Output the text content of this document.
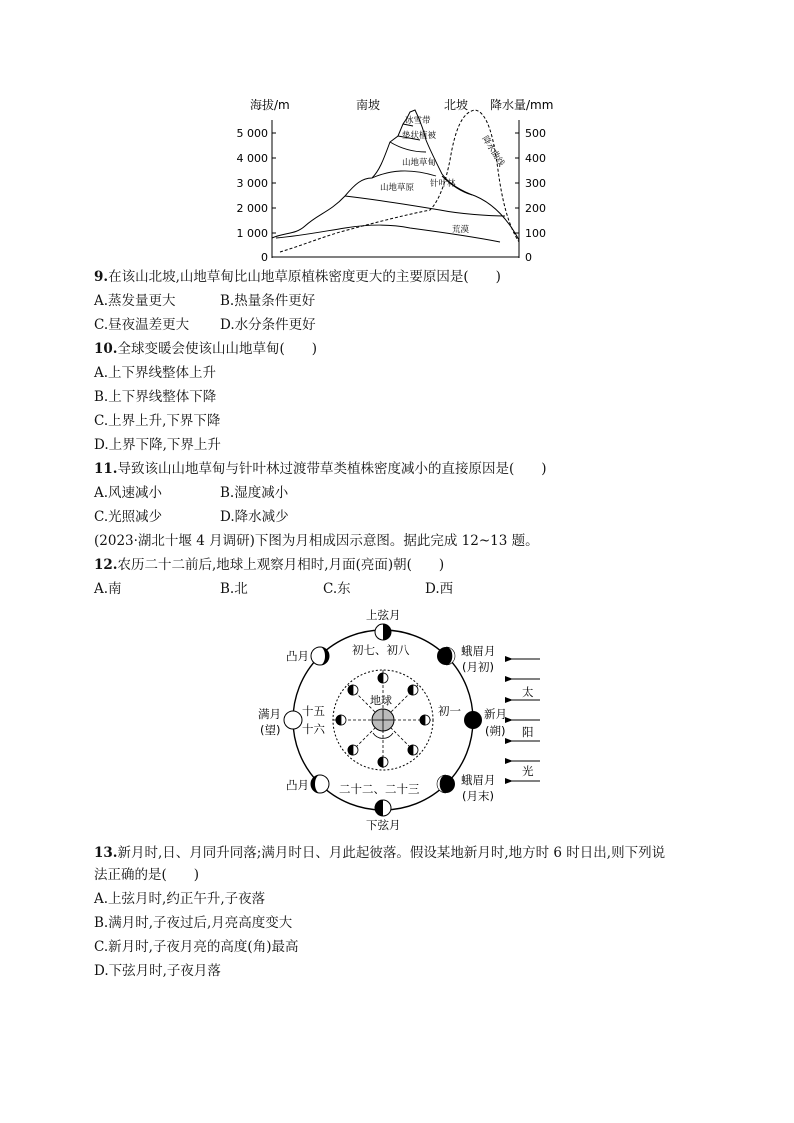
海拔/m	南坡	北坡 降水量/mm
5 000
4 000
3 000
2 000
1 000
0
500
400
300
200
100
0
冰雪带
垫状植被
山地草甸
山地草原 针叶林
荒漠
降水曲线
9.在该山北坡,山地草甸比山地草原植株密度更大的主要原因是(　　)
A.蒸发量更大	B.热量条件更好
C.昼夜温差更大 D.水分条件更好
10.全球变暖会使该山山地草甸(　　)
A.上下界线整体上升
B.上下界线整体下降
C.上界上升,下界下降
D.上界下降,下界上升
11.导致该山山地草甸与针叶林过渡带草类植株密度减小的直接原因是(　　)
A.风速减小	B.湿度减小
C.光照减少	D.降水减少
(2023·湖北十堰 4 月调研)下图为月相成因示意图。据此完成 12~13 题。
12.农历二十二前后,地球上观察月相时,月面(亮面)朝(　　)
A.南	B.北	C.东	D.西
地球
上弦月
下弦月
初七、初八
二十二、二十三
初一
十五
十六
凸月
凸月
满月
(望)
蛾眉月
(月初)
新月
(朔)
蛾眉月
(月末)
太
阳
光
13.新月时,日、月同升同落;满月时日、月此起彼落。假设某地新月时,地方时 6 时日出,则下列说
法正确的是(　　)
A.上弦月时,约正午升,子夜落
B.满月时,子夜过后,月亮高度变大
C.新月时,子夜月亮的高度(角)最高
D.下弦月时,子夜月落
